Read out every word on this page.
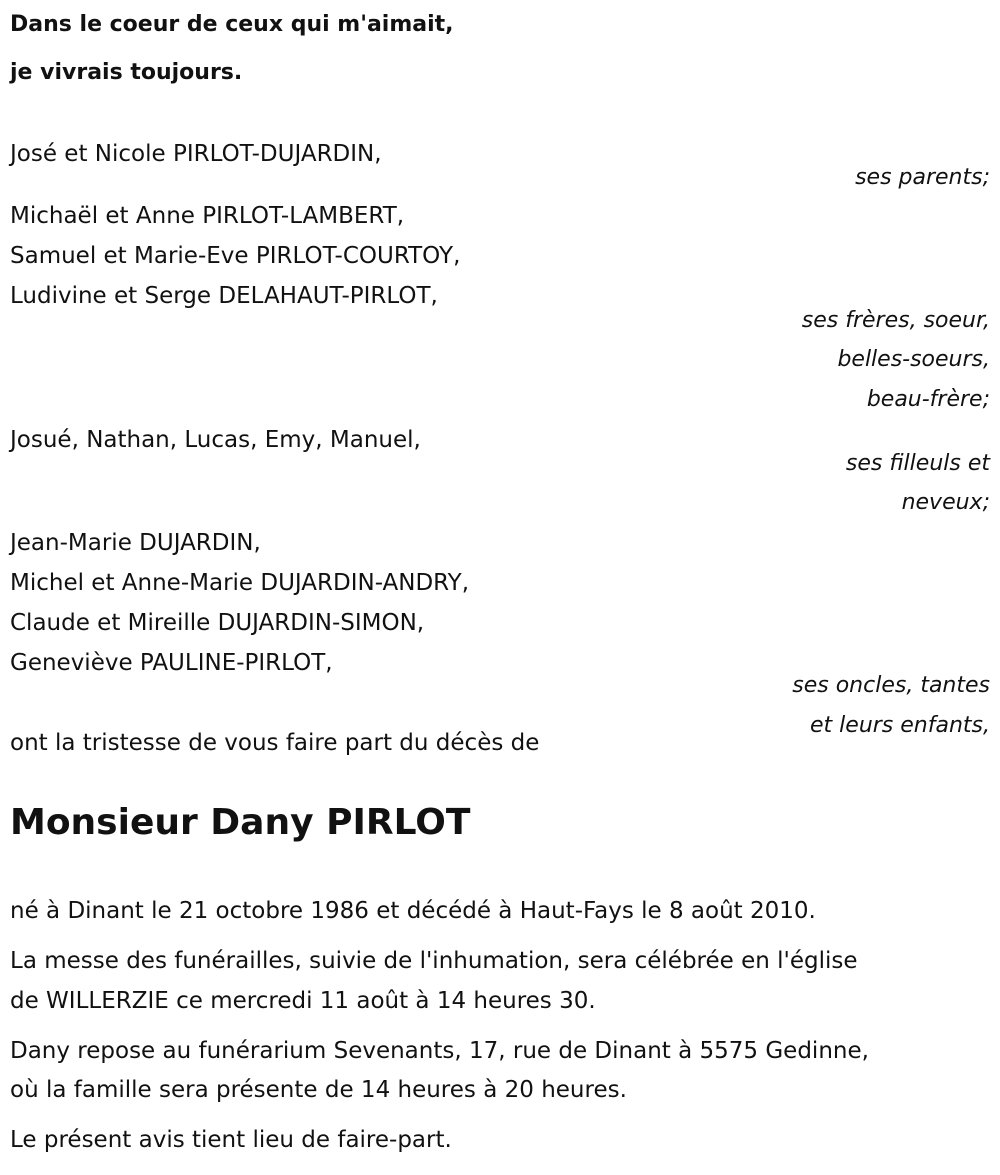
Dans le coeur de ceux qui m'aimait,
je vivrais toujours.
José et Nicole PIRLOT-DUJARDIN,
ses parents;
Michaël et Anne PIRLOT-LAMBERT,
Samuel et Marie-Eve PIRLOT-COURTOY,
Ludivine et Serge DELAHAUT-PIRLOT,
ses frères, soeur,
belles-soeurs,
beau-frère;
Josué, Nathan, Lucas, Emy, Manuel,
ses filleuls et
neveux;
Jean-Marie DUJARDIN,
Michel et Anne-Marie DUJARDIN-ANDRY,
Claude et Mireille DUJARDIN-SIMON,
Geneviève PAULINE-PIRLOT,
ses oncles, tantes
et leurs enfants,
ont la tristesse de vous faire part du décès de
Monsieur Dany PIRLOT
né à Dinant le 21 octobre 1986 et décédé à Haut-Fays le 8 août 2010.
La messe des funérailles, suivie de l'inhumation, sera célébrée en l'église
de WILLERZIE ce mercredi 11 août à 14 heures 30.
Dany repose au funérarium Sevenants, 17, rue de Dinant à 5575 Gedinne,
où la famille sera présente de 14 heures à 20 heures.
Le présent avis tient lieu de faire-part.
